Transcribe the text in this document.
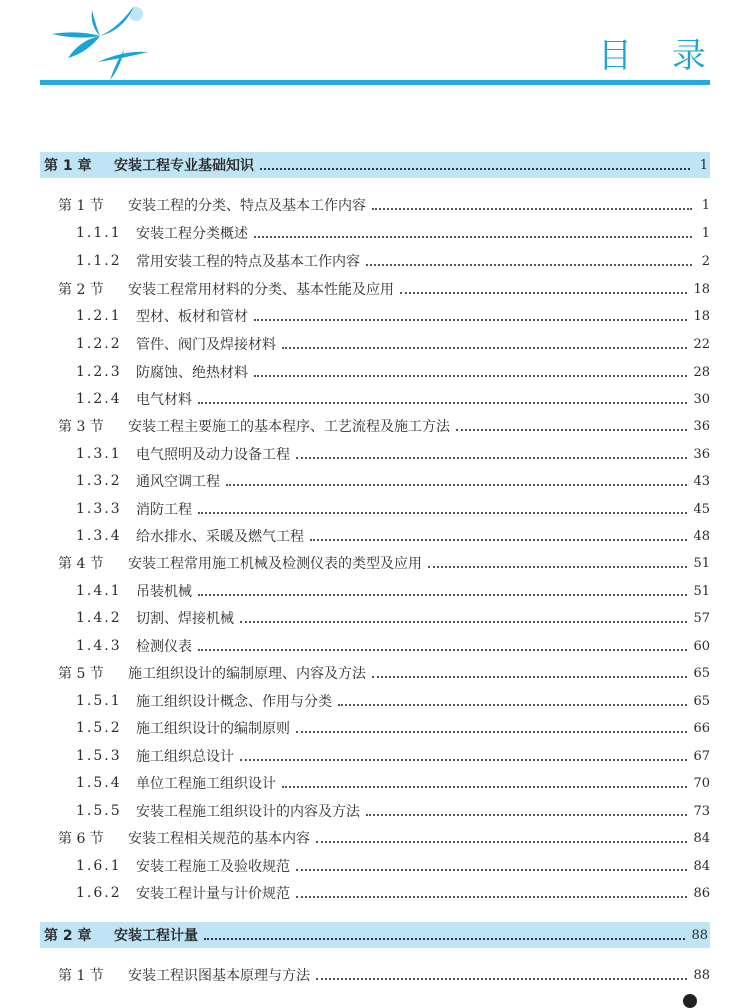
目录
第 1 章	安装工程专业基础知识	1
第 1 节	安装工程的分类、特点及基本工作内容	1
1.1.1	安装工程分类概述	1
1.1.2	常用安装工程的特点及基本工作内容	2
第 2 节	安装工程常用材料的分类、基本性能及应用	18
1.2.1	型材、板材和管材	18
1.2.2	管件、阀门及焊接材料	22
1.2.3	防腐蚀、绝热材料	28
1.2.4	电气材料	30
第 3 节	安装工程主要施工的基本程序、工艺流程及施工方法	36
1.3.1	电气照明及动力设备工程	36
1.3.2	通风空调工程	43
1.3.3	消防工程	45
1.3.4	给水排水、采暖及燃气工程	48
第 4 节	安装工程常用施工机械及检测仪表的类型及应用	51
1.4.1	吊装机械	51
1.4.2	切割、焊接机械	57
1.4.3	检测仪表	60
第 5 节	施工组织设计的编制原理、内容及方法	65
1.5.1	施工组织设计概念、作用与分类	65
1.5.2	施工组织设计的编制原则	66
1.5.3	施工组织总设计	67
1.5.4	单位工程施工组织设计	70
1.5.5	安装工程施工组织设计的内容及方法	73
第 6 节	安装工程相关规范的基本内容	84
1.6.1	安装工程施工及验收规范	84
1.6.2	安装工程计量与计价规范	86
第 2 章	安装工程计量	88
第 1 节	安装工程识图基本原理与方法	88
